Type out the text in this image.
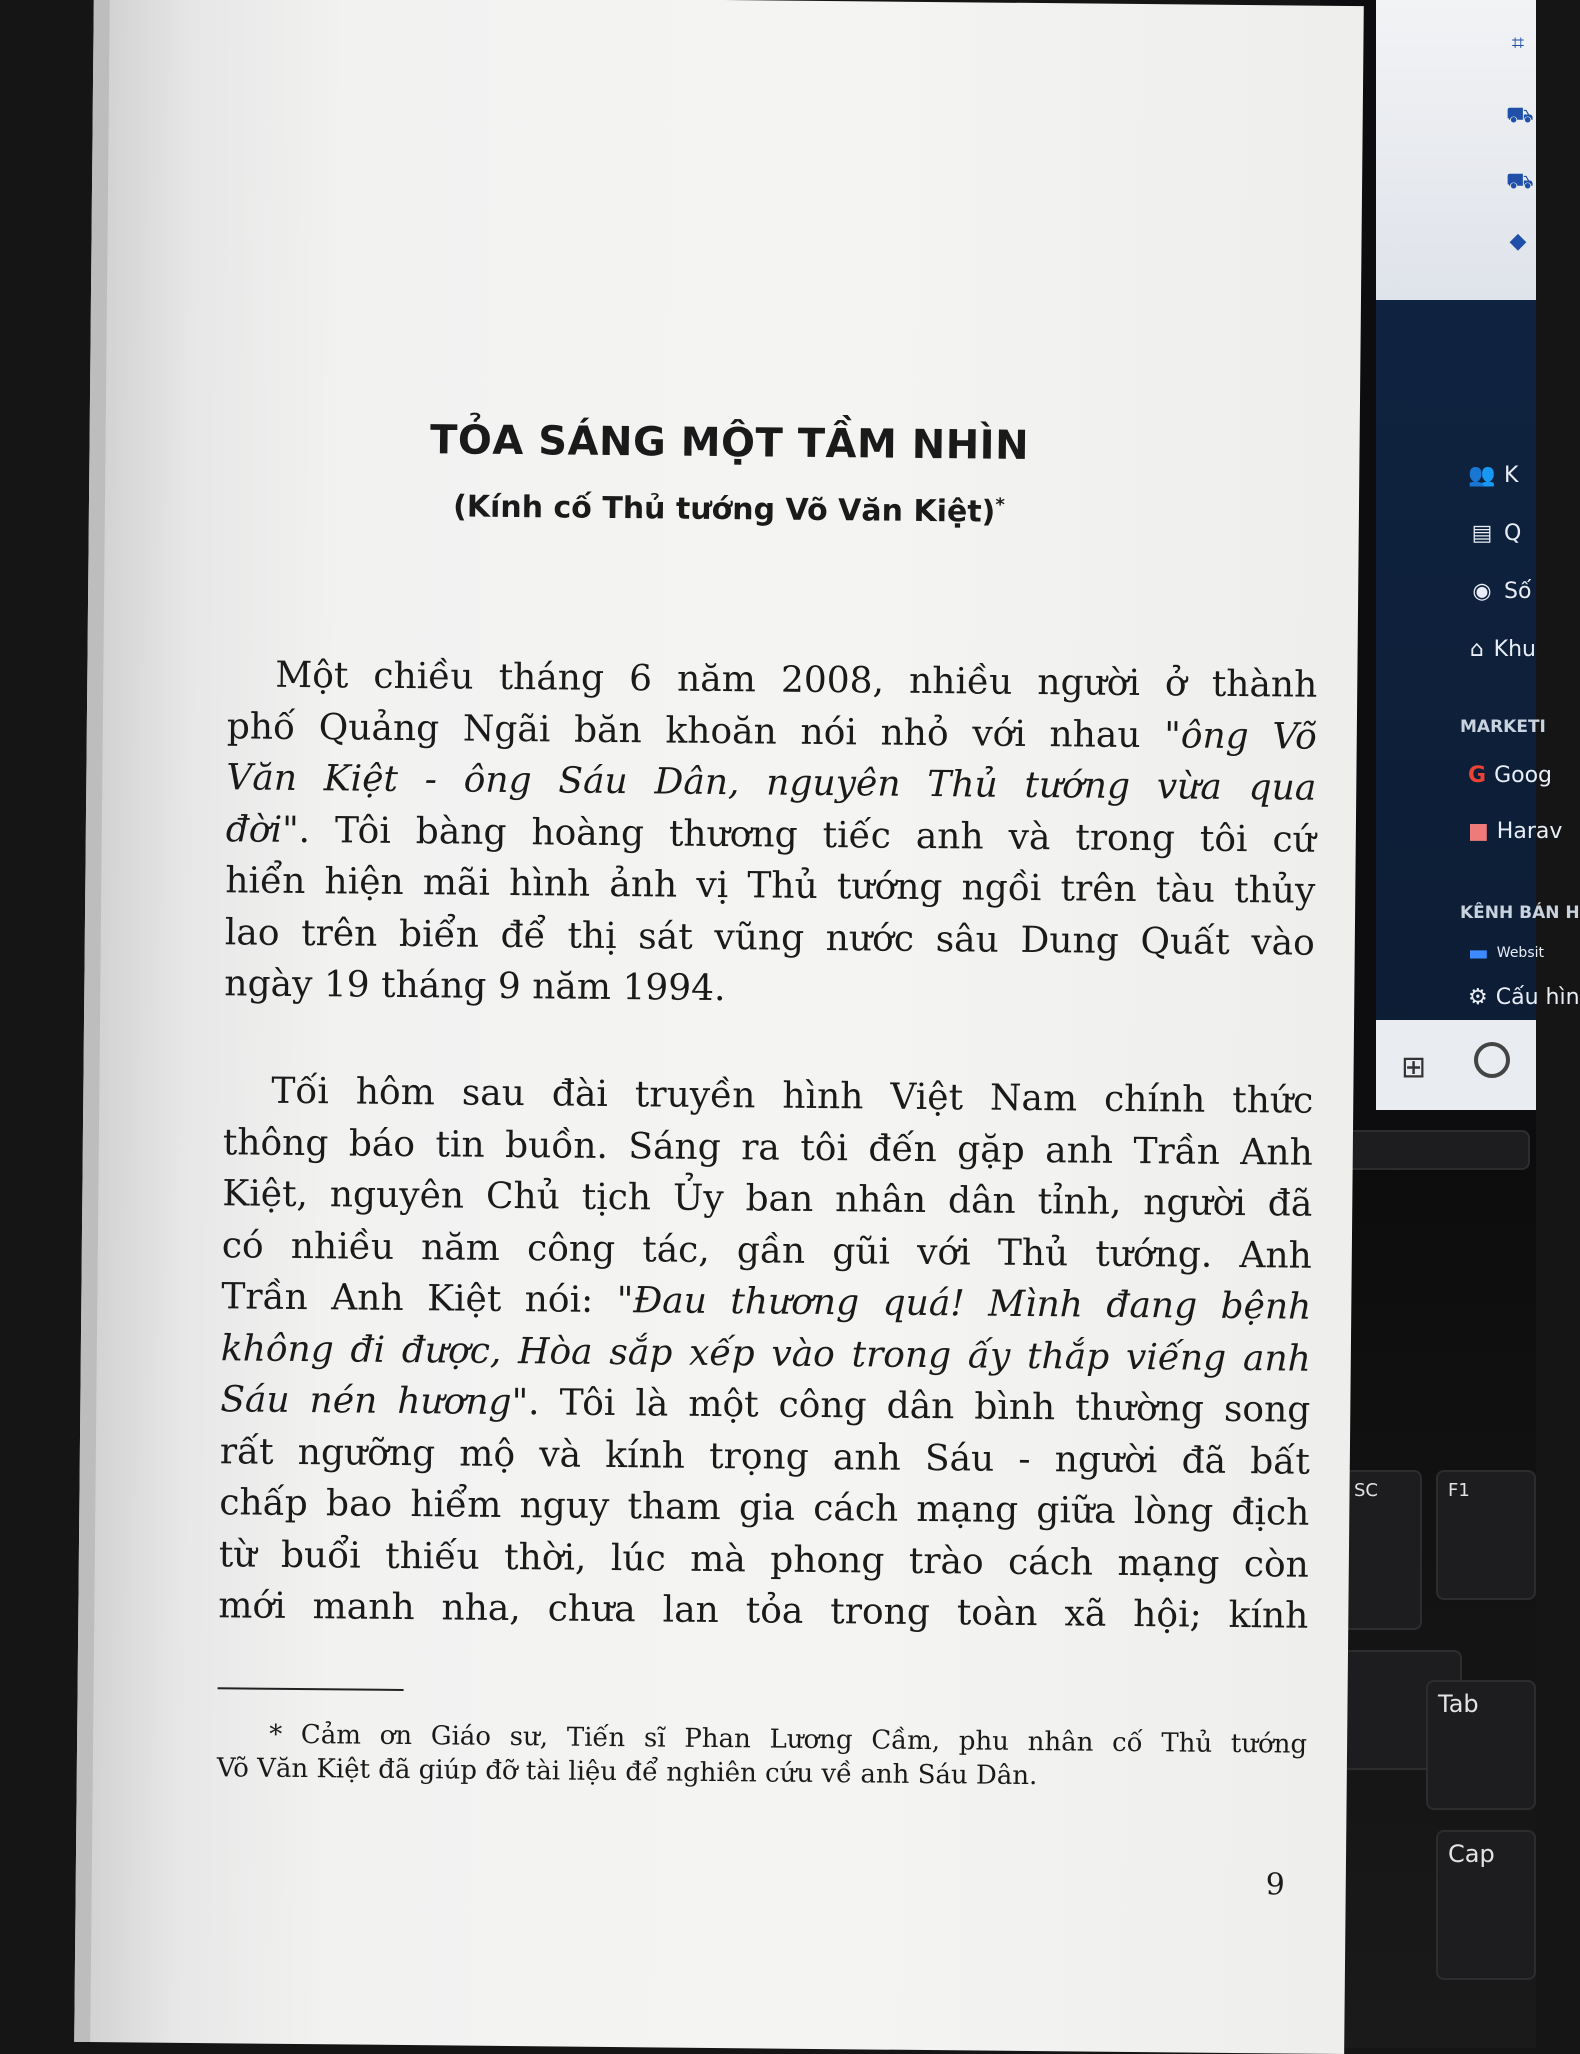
⌗
⛟
⛟
◆
👥 K
▤ Q
◉ Số
⌂ Khu
MARKETI
G Goog
■ Harav
KÊNH BÁN H
▬ Websit
⚙ Cấu hìn
⊞
SC	F1
Tab
Cap
TỎA SÁNG MỘT TẦM NHÌN
(Kính cố Thủ tướng Võ Văn Kiệt)*
Một chiều tháng 6 năm 2008, nhiều người ở thành
phố Quảng Ngãi băn khoăn nói nhỏ với nhau "ông Võ
Văn Kiệt - ông Sáu Dân, nguyên Thủ tướng vừa qua
đời". Tôi bàng hoàng thương tiếc anh và trong tôi cứ
hiển hiện mãi hình ảnh vị Thủ tướng ngồi trên tàu thủy
lao trên biển để thị sát vũng nước sâu Dung Quất vào
ngày 19 tháng 9 năm 1994.
Tối hôm sau đài truyền hình Việt Nam chính thức
thông báo tin buồn. Sáng ra tôi đến gặp anh Trần Anh
Kiệt, nguyên Chủ tịch Ủy ban nhân dân tỉnh, người đã
có nhiều năm công tác, gần gũi với Thủ tướng. Anh
Trần Anh Kiệt nói: "Đau thương quá! Mình đang bệnh
không đi được, Hòa sắp xếp vào trong ấy thắp viếng anh
Sáu nén hương". Tôi là một công dân bình thường song
rất ngưỡng mộ và kính trọng anh Sáu - người đã bất
chấp bao hiểm nguy tham gia cách mạng giữa lòng địch
từ buổi thiếu thời, lúc mà phong trào cách mạng còn
mới manh nha, chưa lan tỏa trong toàn xã hội; kính
* Cảm ơn Giáo sư, Tiến sĩ Phan Lương Cầm, phu nhân cố Thủ tướng
Võ Văn Kiệt đã giúp đỡ tài liệu để nghiên cứu về anh Sáu Dân.
9
